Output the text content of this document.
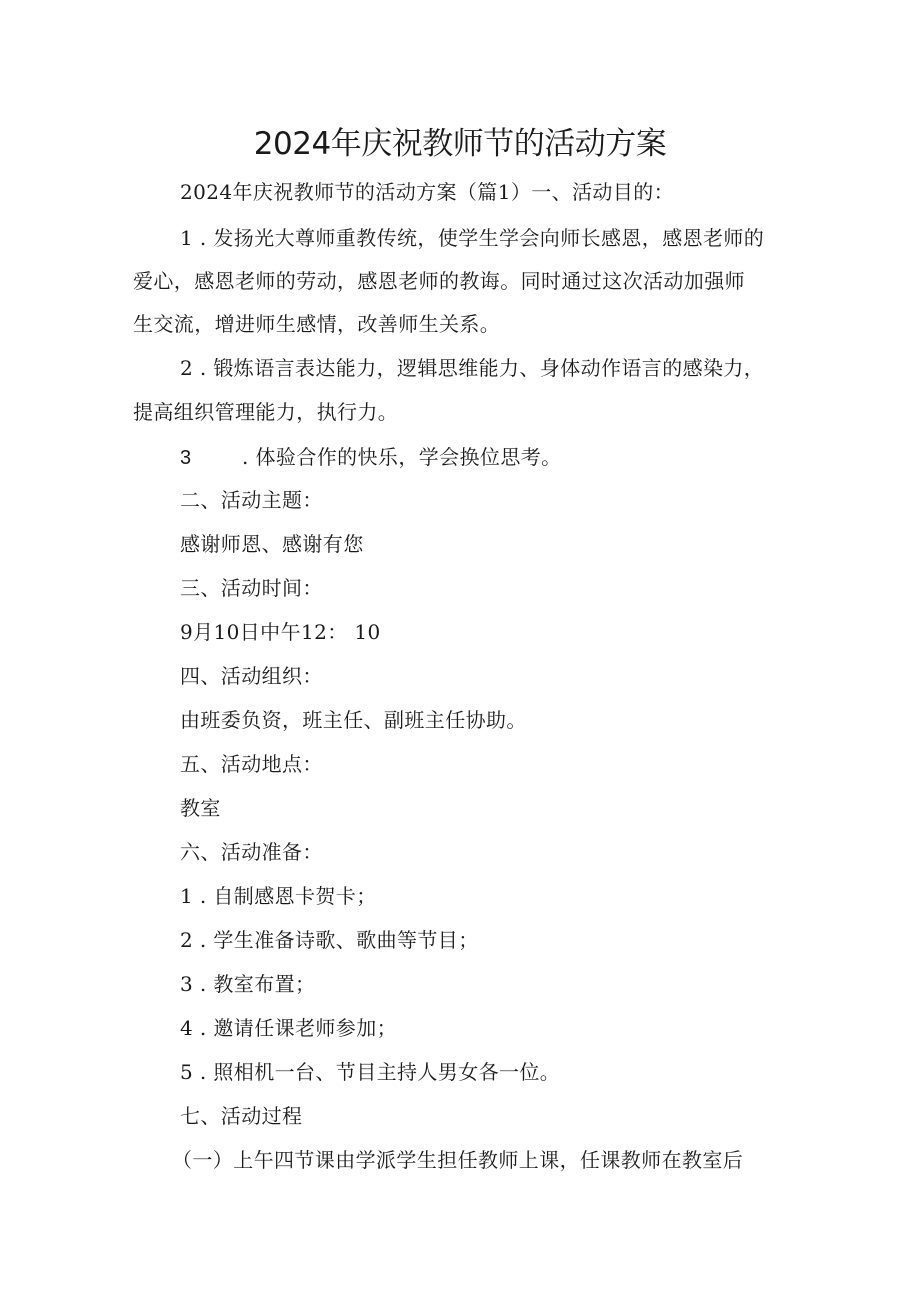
2024年庆祝教师节的活动方案
2024年庆祝教师节的活动方案（篇1）一、活动目的：
1 . 发扬光大尊师重教传统，使学生学会向师长感恩，感恩老师的
爱心，感恩老师的劳动，感恩老师的教诲。同时通过这次活动加强师
生交流，增进师生感情，改善师生关系。
2 . 锻炼语言表达能力，逻辑思维能力、身体动作语言的感染力，
提高组织管理能力，执行力。
3	. 体验合作的快乐，学会换位思考。
二、活动主题：
感谢师恩、感谢有您
三、活动时间：
9月10日中午12： 10
四、活动组织：
由班委负资，班主任、副班主任协助。
五、活动地点：
教室
六、活动准备：
1 . 自制感恩卡贺卡；
2 . 学生准备诗歌、歌曲等节目；
3 . 教室布置；
4 . 邀请任课老师参加；
5 . 照相机一台、节目主持人男女各一位。
七、活动过程
（一）上午四节课由学派学生担任教师上课，任课教师在教室后
